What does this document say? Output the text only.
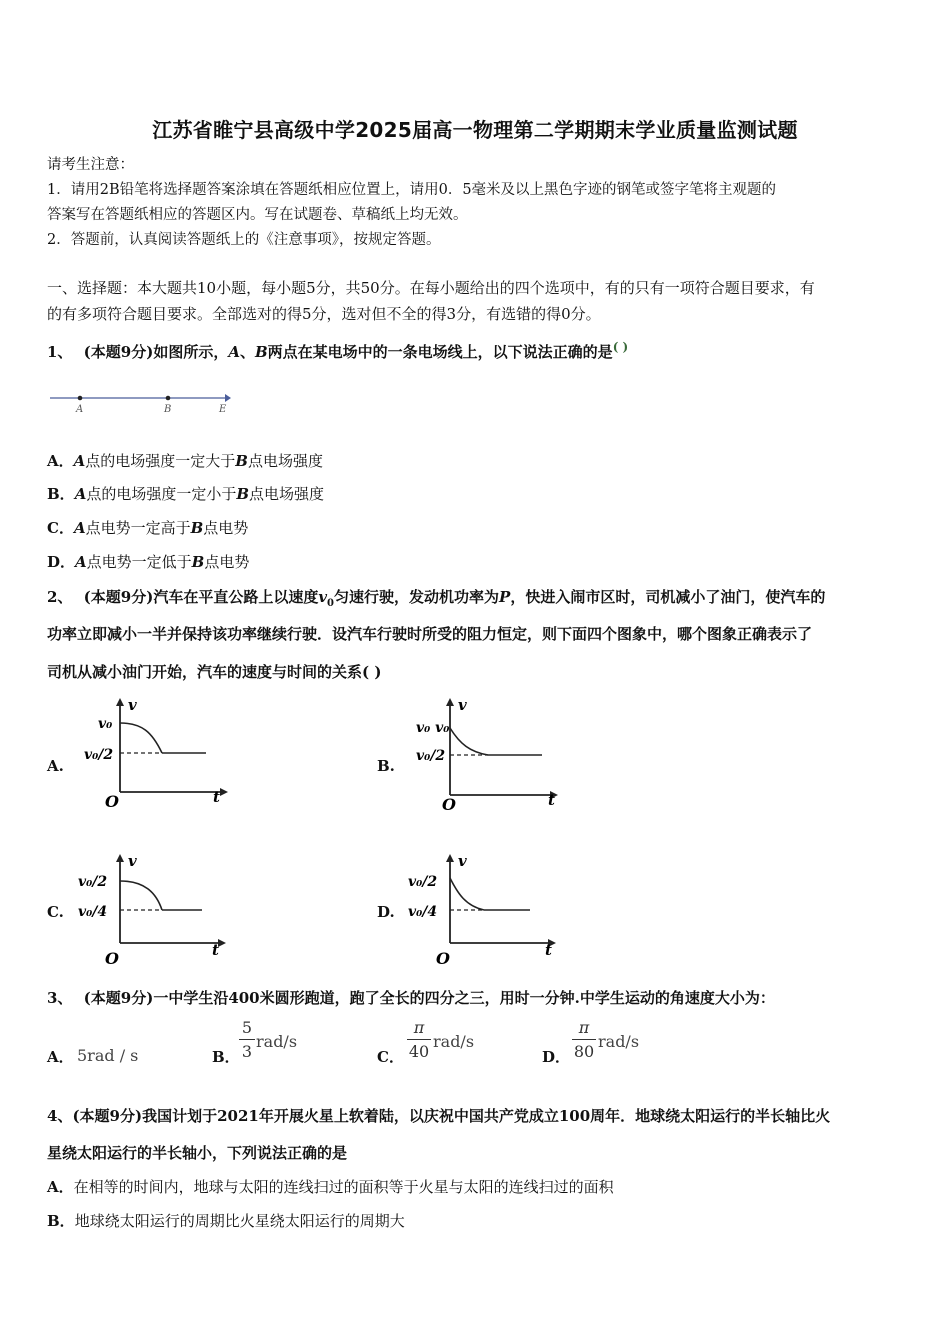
江苏省睢宁县高级中学2025届高一物理第二学期期末学业质量监测试题
请考生注意：
1．请用2B铅笔将选择题答案涂填在答题纸相应位置上，请用0．5毫米及以上黑色字迹的钢笔或签字笔将主观题的
答案写在答题纸相应的答题区内。写在试题卷、草稿纸上均无效。
2．答题前，认真阅读答题纸上的《注意事项》，按规定答题。
一、选择题：本大题共10小题，每小题5分，共50分。在每小题给出的四个选项中，有的只有一项符合题目要求，有
的有多项符合题目要求。全部选对的得5分，选对但不全的得3分，有选错的得0分。
1、 (本题9分)如图所示，A、B两点在某电场中的一条电场线上，以下说法正确的是( )
A	B	E
A．A点的电场强度一定大于B点电场强度
B．A点的电场强度一定小于B点电场强度
C．A点电势一定高于B点电势
D．A点电势一定低于B点电势
2、 (本题9分)汽车在平直公路上以速度$v_0$匀速行驶，发动机功率为P，快进入闹市区时，司机减小了油门，使汽车的
功率立即减小一半并保持该功率继续行驶．设汽车行驶时所受的阻力恒定，则下面四个图象中，哪个图象正确表示了
司机从减小油门开始，汽车的速度与时间的关系( )
A.
v
t
O
v₀
v₀/2
B.
v
t
O
v₀ v₀
v₀/2
C.
v
t
O
v₀/2
v₀/4	D.
v
t
O
v₀/2
v₀/4
3、 (本题9分)一中学生沿400米圆形跑道，跑了全长的四分之三，用时一分钟.中学生运动的角速度大小为：
A． 5rad / s	B．
5
3
rad/s
C．
π
40
rad/s
D．
π
80
rad/s
4、(本题9分)我国计划于2021年开展火星上软着陆，以庆祝中国共产党成立100周年．地球绕太阳运行的半长轴比火
星绕太阳运行的半长轴小，下列说法正确的是
A．在相等的时间内，地球与太阳的连线扫过的面积等于火星与太阳的连线扫过的面积
B．地球绕太阳运行的周期比火星绕太阳运行的周期大
